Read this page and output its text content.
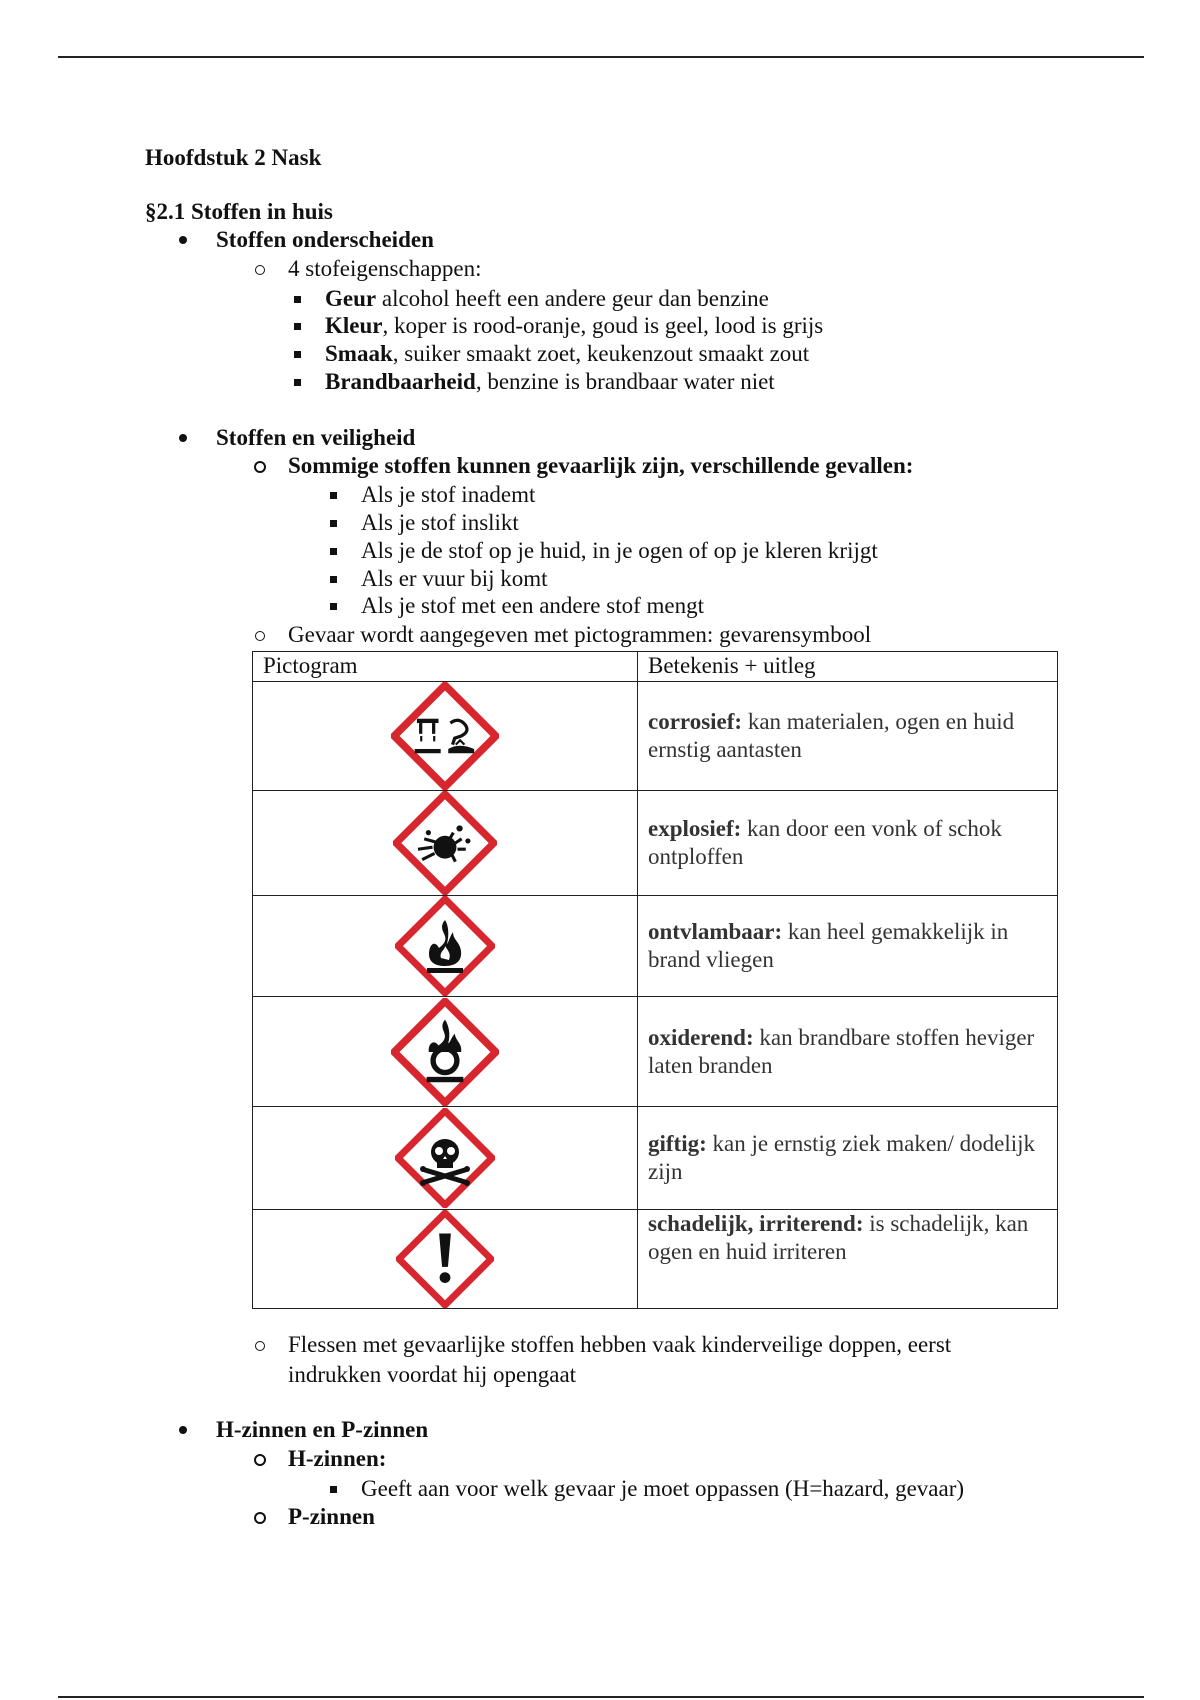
Hoofdstuk 2 Nask
§2.1 Stoffen in huis
Stoffen onderscheiden
4 stofeigenschappen:
Geur alcohol heeft een andere geur dan benzine
Kleur, koper is rood-oranje, goud is geel, lood is grijs
Smaak, suiker smaakt zoet, keukenzout smaakt zout
Brandbaarheid, benzine is brandbaar water niet
Stoffen en veiligheid
Sommige stoffen kunnen gevaarlijk zijn, verschillende gevallen:
Als je stof inademt
Als je stof inslikt
Als je de stof op je huid, in je ogen of op je kleren krijgt
Als er vuur bij komt
Als je stof met een andere stof mengt
Gevaar wordt aangegeven met pictogrammen: gevarensymbool
Pictogram	Betekenis + uitleg

	corrosief: kan materialen, ogen en huid ernstig aantasten

	explosief: kan door een vonk of schok ontploffen

	ontvlambaar: kan heel gemakkelijk in brand vliegen

	oxiderend: kan brandbare stoffen heviger laten branden

	giftig: kan je ernstig ziek maken/ dodelijk zijn

	schadelijk, irriterend: is schadelijk, kan ogen en huid irriteren
Flessen met gevaarlijke stoffen hebben vaak kinderveilige doppen, eerst
indrukken voordat hij opengaat
H-zinnen en P-zinnen
H-zinnen:
Geeft aan voor welk gevaar je moet oppassen (H=hazard, gevaar)
P-zinnen
